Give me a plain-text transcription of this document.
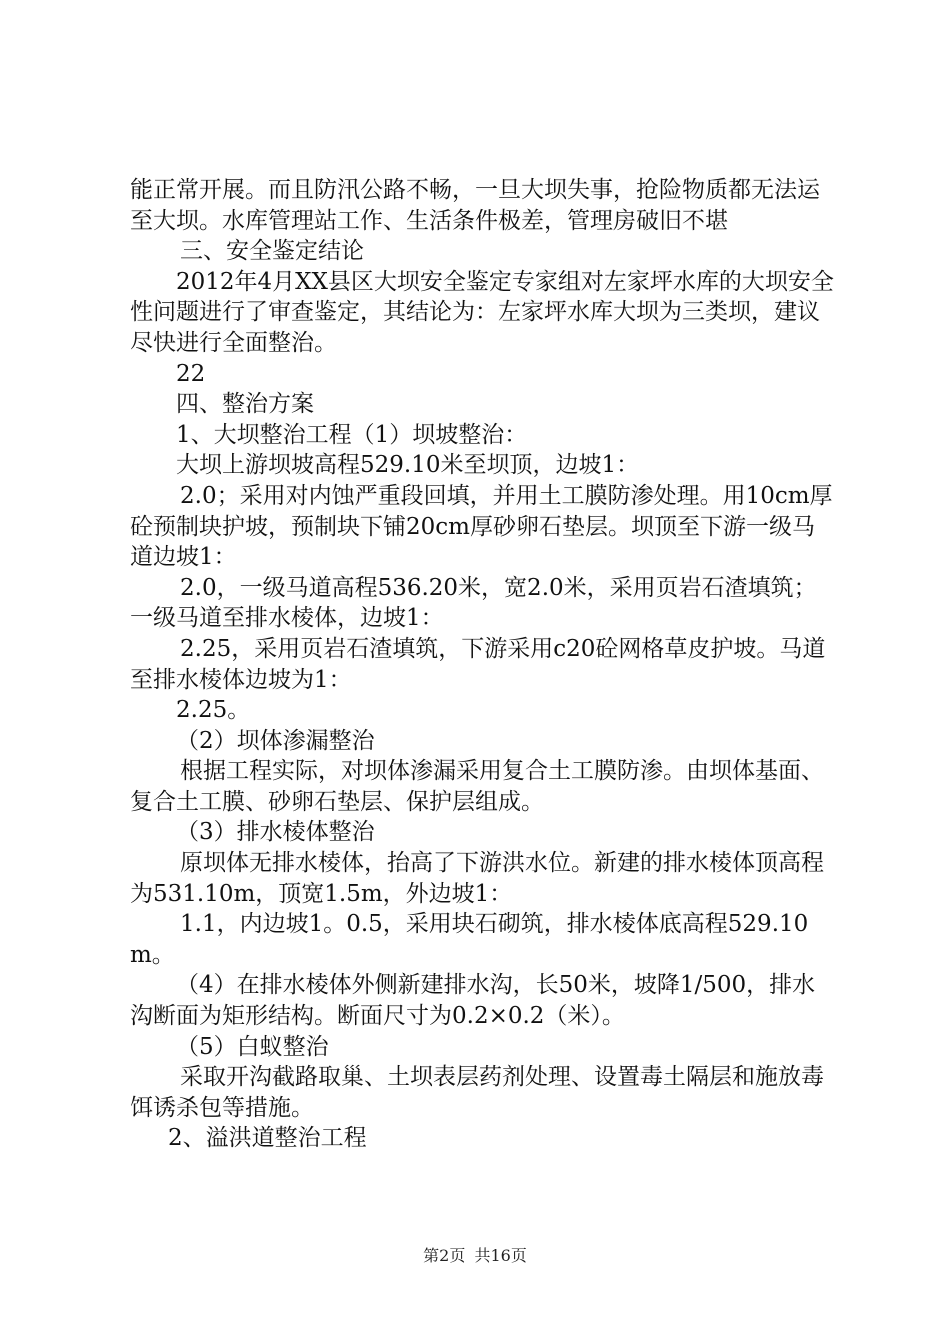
能正常开展。而且防汛公路不畅，一旦大坝失事，抢险物质都无法运至大坝。水库管理站工作、生活条件极差，管理房破旧不堪

三、安全鉴定结论

2012年4月XX县区大坝安全鉴定专家组对左家坪水库的大坝安全性问题进行了审查鉴定，其结论为：左家坪水库大坝为三类坝，建议尽快进行全面整治。

22

四、整治方案

1、大坝整治工程（1）坝坡整治：

大坝上游坝坡高程529.10米至坝顶，边坡1：

2.0；采用对内蚀严重段回填，并用土工膜防渗处理。用10cm厚砼预制块护坡，预制块下铺20cm厚砂卵石垫层。坝顶至下游一级马道边坡1：

2.0，一级马道高程536.20米，宽2.0米，采用页岩石渣填筑；一级马道至排水棱体，边坡1：

2.25，采用页岩石渣填筑，下游采用c20砼网格草皮护坡。马道至排水棱体边坡为1：

2.25。

（2）坝体渗漏整治

根据工程实际，对坝体渗漏采用复合土工膜防渗。由坝体基面、复合土工膜、砂卵石垫层、保护层组成。

（3）排水棱体整治

原坝体无排水棱体，抬高了下游洪水位。新建的排水棱体顶高程为531.10m，顶宽1.5m，外边坡1：

1.1，内边坡1。0.5，采用块石砌筑，排水棱体底高程529.10m。

（4）在排水棱体外侧新建排水沟，长50米，坡降1/500，排水沟断面为矩形结构。断面尺寸为0.2×0.2（米）。

（5）白蚁整治

采取开沟截路取巢、土坝表层药剂处理、设置毒土隔层和施放毒饵诱杀包等措施。

2、溢洪道整治工程

第2页 共16页
